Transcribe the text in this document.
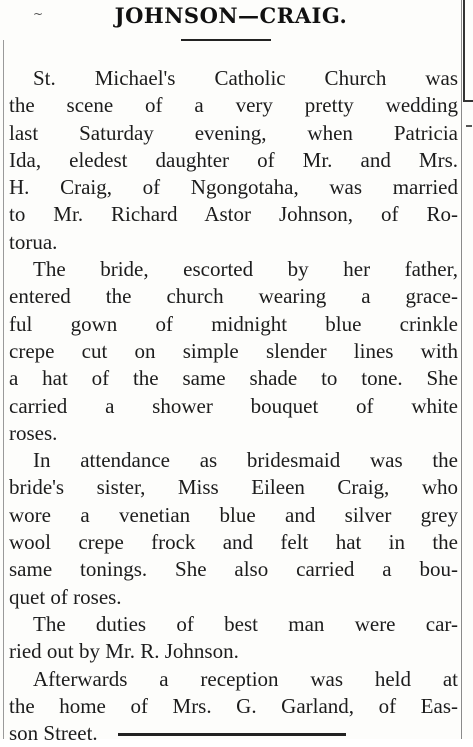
~	JOHNSON—CRAIG.
St. Michael's Catholic Church was
the scene of a very pretty wedding
last Saturday evening, when Patricia
Ida, eledest daughter of Mr. and Mrs.
H. Craig, of Ngongotaha, was married
to Mr. Richard Astor Johnson, of Ro-
torua.
The bride, escorted by her father,
entered the church wearing a grace-
ful gown of midnight blue crinkle
crepe cut on simple slender lines with
a hat of the same shade to tone. She
carried a shower bouquet of white
roses.
In attendance as bridesmaid was the
bride's sister, Miss Eileen Craig, who
wore a venetian blue and silver grey
wool crepe frock and felt hat in the
same tonings. She also carried a bou-
quet of roses.
The duties of best man were car-
ried out by Mr. R. Johnson.
Afterwards a reception was held at
the home of Mrs. G. Garland, of Eas-
son Street.
